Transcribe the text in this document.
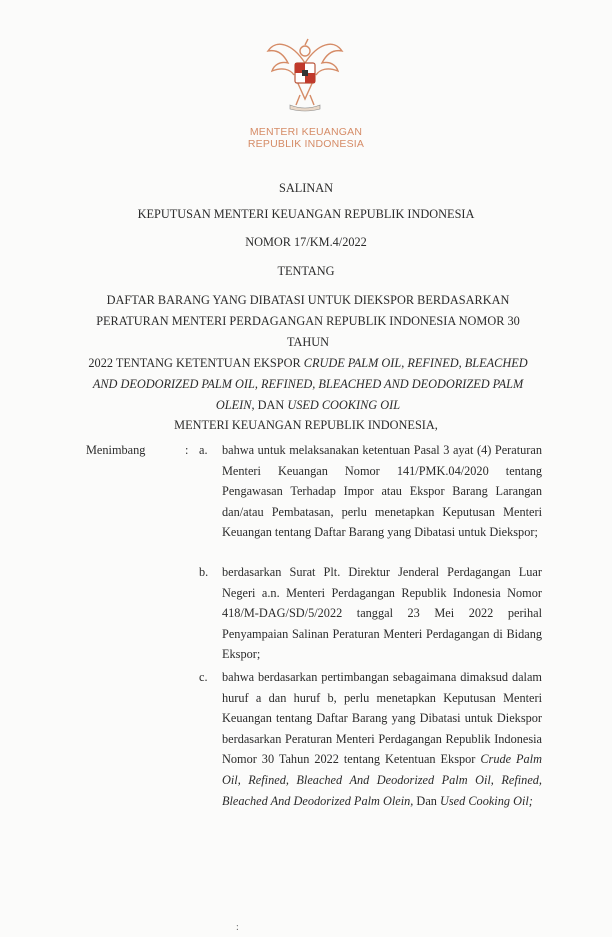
MENTERI KEUANGAN
REPUBLIK INDONESIA
SALINAN
KEPUTUSAN MENTERI KEUANGAN REPUBLIK INDONESIA
NOMOR 17/KM.4/2022
TENTANG
DAFTAR BARANG YANG DIBATASI UNTUK DIEKSPOR BERDASARKAN
PERATURAN MENTERI PERDAGANGAN REPUBLIK INDONESIA NOMOR 30 TAHUN
2022 TENTANG KETENTUAN EKSPOR CRUDE PALM OIL, REFINED, BLEACHED
AND DEODORIZED PALM OIL, REFINED, BLEACHED AND DEODORIZED PALM
OLEIN, DAN USED COOKING OIL
MENTERI KEUANGAN REPUBLIK INDONESIA,
Menimbang	: a. bahwa untuk melaksanakan ketentuan Pasal 3 ayat (4) Peraturan Menteri Keuangan Nomor 141/PMK.04/2020 tentang Pengawasan Terhadap Impor atau Ekspor Barang Larangan dan/atau Pembatasan, perlu menetapkan Keputusan Menteri Keuangan tentang Daftar Barang yang Dibatasi untuk Diekspor;
b. berdasarkan Surat Plt. Direktur Jenderal Perdagangan Luar Negeri a.n. Menteri Perdagangan Republik Indonesia Nomor 418/M-DAG/SD/5/2022 tanggal 23 Mei 2022 perihal Penyampaian Salinan Peraturan Menteri Perdagangan di Bidang Ekspor;
c. bahwa berdasarkan pertimbangan sebagaimana dimaksud dalam huruf a dan huruf b, perlu menetapkan Keputusan Menteri Keuangan tentang Daftar Barang yang Dibatasi untuk Diekspor berdasarkan Peraturan Menteri Perdagangan Republik Indonesia Nomor 30 Tahun 2022 tentang Ketentuan Ekspor Crude Palm Oil, Refined, Bleached And Deodorized Palm Oil, Refined, Bleached And Deodorized Palm Olein, Dan Used Cooking Oil;
:
